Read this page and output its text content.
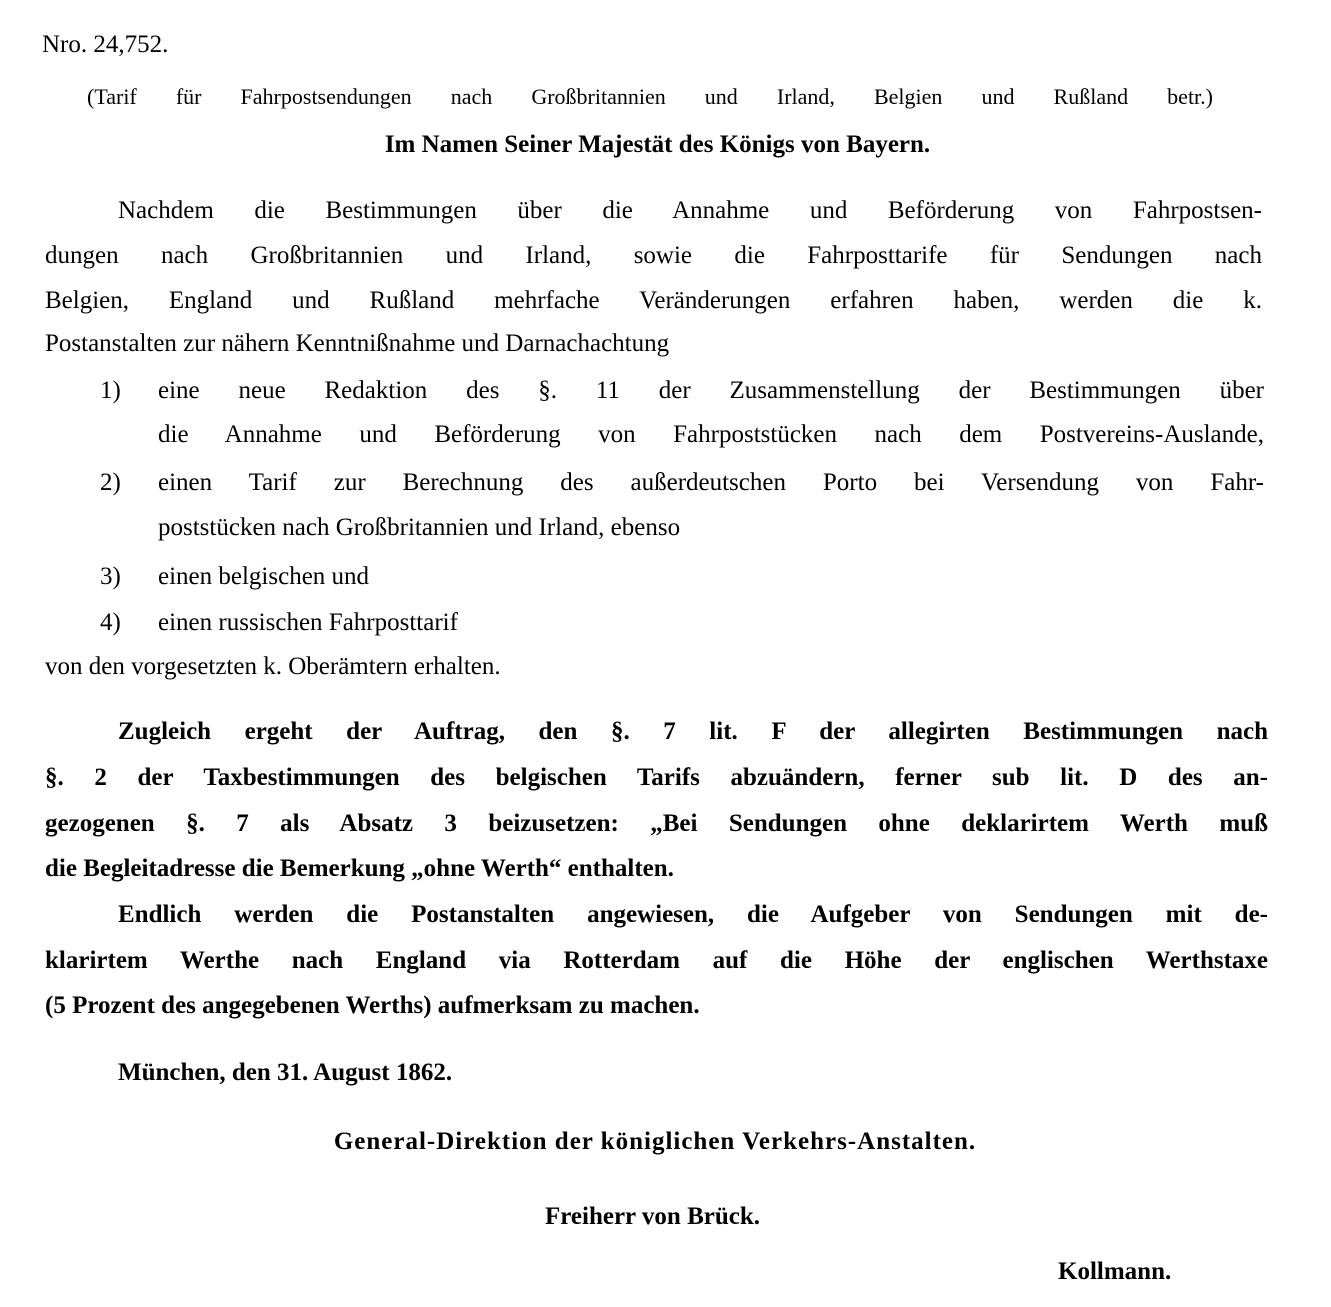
Nro. 24,752.
(Tarif für Fahrpostsendungen nach Großbritannien und Irland, Belgien und Rußland betr.)
Im Namen Seiner Majestät des Königs von Bayern.
Nachdem die Bestimmungen über die Annahme und Beförderung von Fahrpostsen-
dungen nach Großbritannien und Irland, sowie die Fahrposttarife für Sendungen nach
Belgien, England und Rußland mehrfache Veränderungen erfahren haben, werden die k.
Postanstalten zur nähern Kenntnißnahme und Darnachachtung
1) eine neue Redaktion des §. 11 der Zusammenstellung der Bestimmungen über
die Annahme und Beförderung von Fahrpoststücken nach dem Postvereins-Auslande,
2) einen Tarif zur Berechnung des außerdeutschen Porto bei Versendung von Fahr-
poststücken nach Großbritannien und Irland, ebenso
3) einen belgischen und
4) einen russischen Fahrposttarif
von den vorgesetzten k. Oberämtern erhalten.
Zugleich ergeht der Auftrag, den §. 7 lit. F der allegirten Bestimmungen nach
§. 2 der Taxbestimmungen des belgischen Tarifs abzuändern, ferner sub lit. D des an-
gezogenen §. 7 als Absatz 3 beizusetzen: „Bei Sendungen ohne deklarirtem Werth muß
die Begleitadresse die Bemerkung „ohne Werth“ enthalten.
Endlich werden die Postanstalten angewiesen, die Aufgeber von Sendungen mit de-
klarirtem Werthe nach England via Rotterdam auf die Höhe der englischen Werthstaxe
(5 Prozent des angegebenen Werths) aufmerksam zu machen.
München, den 31. August 1862.
General-Direktion der königlichen Verkehrs-Anstalten.
Freiherr von Brück.
Kollmann.
